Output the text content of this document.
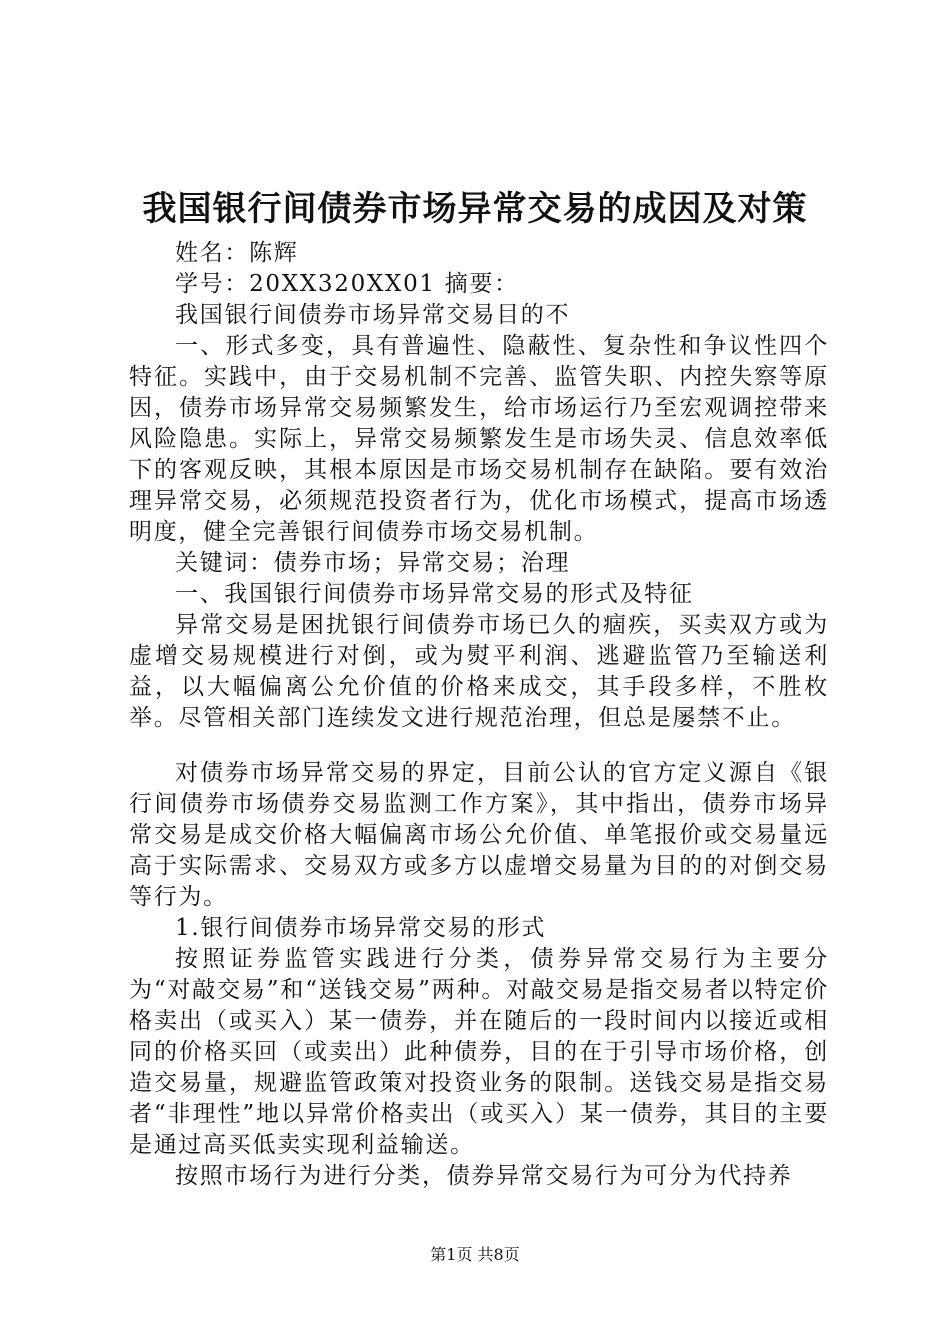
我国银行间债券市场异常交易的成因及对策

姓名：陈辉

学号：20XX320XX01 摘要：

我国银行间债券市场异常交易目的不

一、形式多变，具有普遍性、隐蔽性、复杂性和争议性四个特征。实践中，由于交易机制不完善、监管失职、内控失察等原因，债券市场异常交易频繁发生，给市场运行乃至宏观调控带来风险隐患。实际上，异常交易频繁发生是市场失灵、信息效率低下的客观反映，其根本原因是市场交易机制存在缺陷。要有效治理异常交易，必须规范投资者行为，优化市场模式，提高市场透明度，健全完善银行间债券市场交易机制。

关键词：债券市场；异常交易；治理

一、我国银行间债券市场异常交易的形式及特征

异常交易是困扰银行间债券市场已久的痼疾，买卖双方或为虚增交易规模进行对倒，或为熨平利润、逃避监管乃至输送利益，以大幅偏离公允价值的价格来成交，其手段多样，不胜枚举。尽管相关部门连续发文进行规范治理，但总是屡禁不止。

对债券市场异常交易的界定，目前公认的官方定义源自《银行间债券市场债券交易监测工作方案》，其中指出，债券市场异常交易是成交价格大幅偏离市场公允价值、单笔报价或交易量远高于实际需求、交易双方或多方以虚增交易量为目的的对倒交易等行为。

1.银行间债券市场异常交易的形式

按照证券监管实践进行分类，债券异常交易行为主要分为“对敲交易”和“送钱交易”两种。对敲交易是指交易者以特定价格卖出（或买入）某一债券，并在随后的一段时间内以接近或相同的价格买回（或卖出）此种债券，目的在于引导市场价格，创造交易量，规避监管政策对投资业务的限制。送钱交易是指交易者“非理性”地以异常价格卖出（或买入）某一债券，其目的主要是通过高买低卖实现利益输送。

按照市场行为进行分类，债券异常交易行为可分为代持养

第1页 共8页
